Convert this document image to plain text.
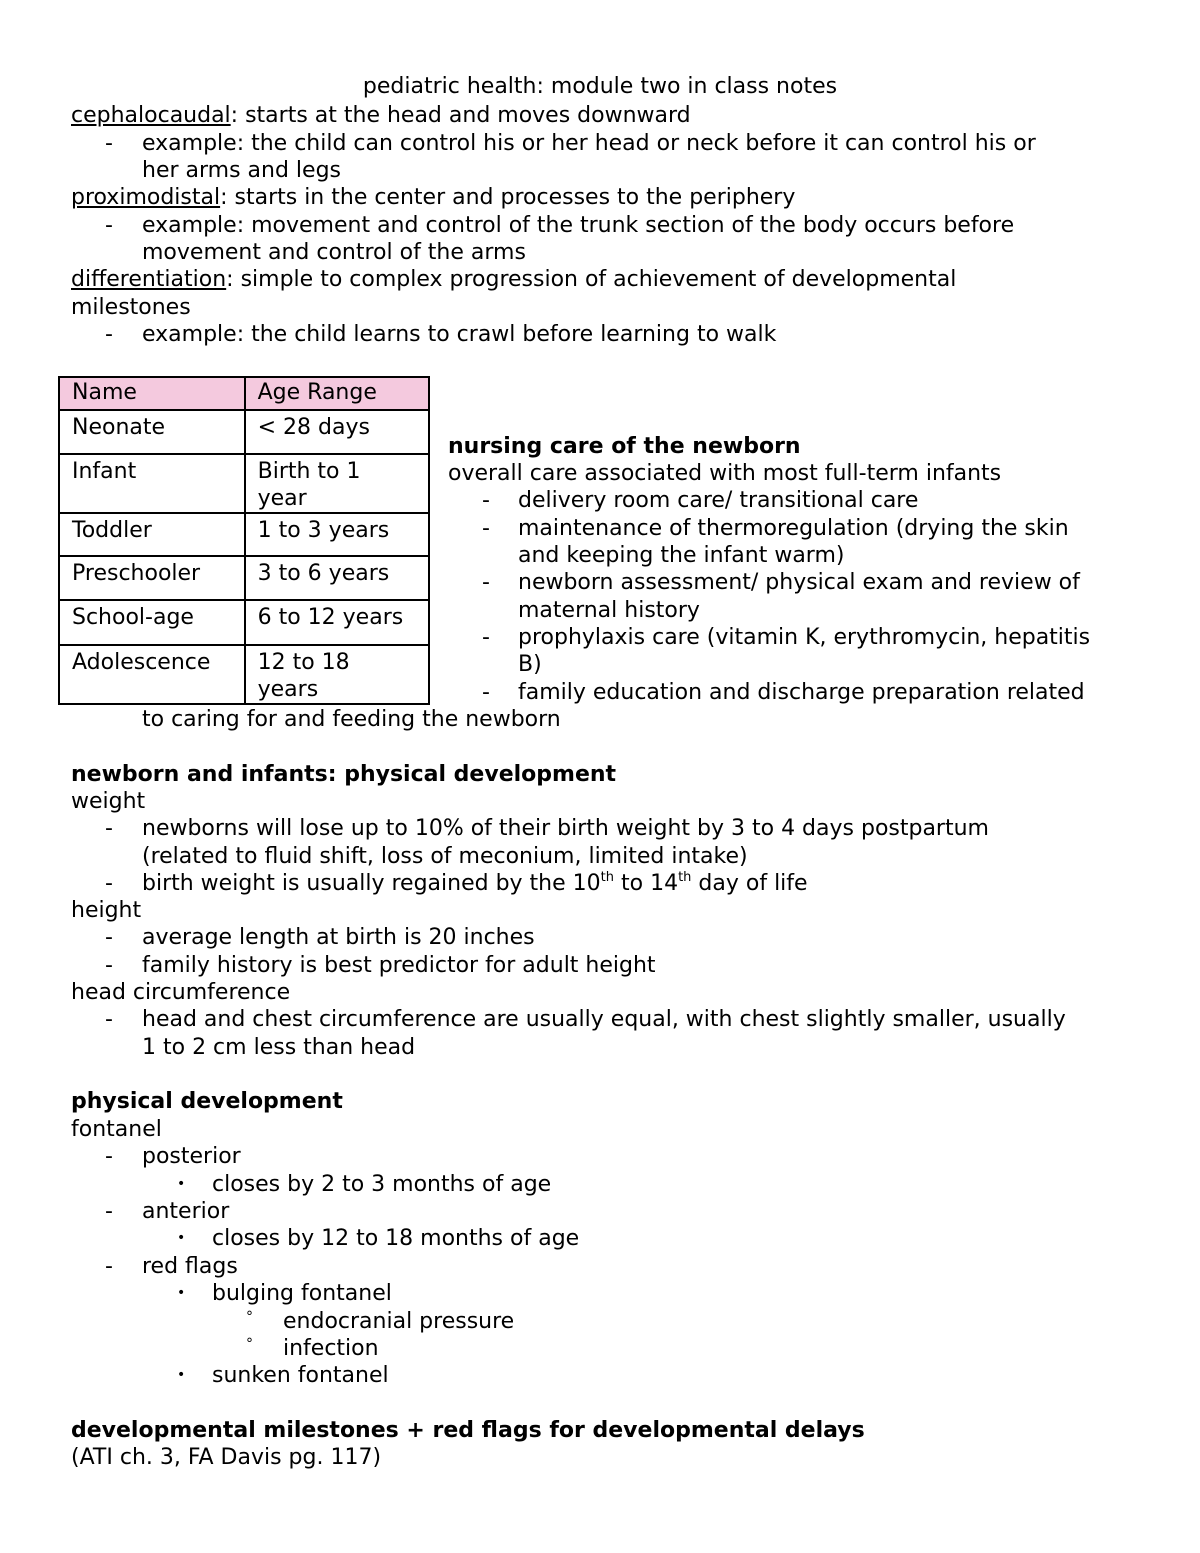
pediatric health: module two in class notes
cephalocaudal: starts at the head and moves downward
- example: the child can control his or her head or neck before it can control his or
her arms and legs
proximodistal: starts in the center and processes to the periphery
- example: movement and control of the trunk section of the body occurs before
movement and control of the arms
differentiation: simple to complex progression of achievement of developmental
milestones
- example: the child learns to crawl before learning to walk
Name	Age Range
Neonate	< 28 days
Infant	Birth to 1 year
Toddler	1 to 3 years
Preschooler	3 to 6 years
School-age	6 to 12 years
Adolescence	12 to 18 years
nursing care of the newborn
overall care associated with most full-term infants
- delivery room care/ transitional care
- maintenance of thermoregulation (drying the skin
and keeping the infant warm)
- newborn assessment/ physical exam and review of
maternal history
- prophylaxis care (vitamin K, erythromycin, hepatitis
B)
- family education and discharge preparation related
to caring for and feeding the newborn
newborn and infants: physical development
weight
- newborns will lose up to 10% of their birth weight by 3 to 4 days postpartum
(related to fluid shift, loss of meconium, limited intake)
- birth weight is usually regained by the 10th to 14th day of life
height
- average length at birth is 20 inches
- family history is best predictor for adult height
head circumference
- head and chest circumference are usually equal, with chest slightly smaller, usually
1 to 2 cm less than head
physical development
fontanel
- posterior
• closes by 2 to 3 months of age
- anterior
• closes by 12 to 18 months of age
- red flags
• bulging fontanel
° endocranial pressure
° infection
• sunken fontanel
developmental milestones + red flags for developmental delays
(ATI ch. 3, FA Davis pg. 117)
